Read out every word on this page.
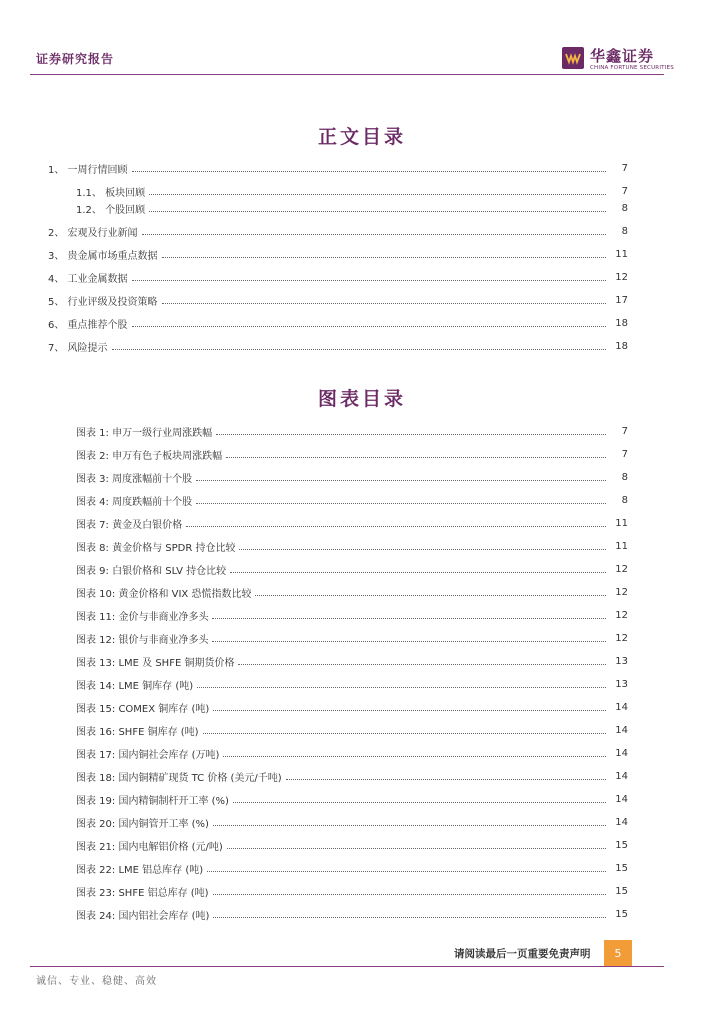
证券研究报告	华鑫证券
CHINA FORTUNE SECURITIES
正文目录
1、 一周行情回顾	7
1.1、 板块回顾	7
1.2、 个股回顾	8
2、 宏观及行业新闻	8
3、 贵金属市场重点数据	11
4、 工业金属数据	12
5、 行业评级及投资策略	17
6、 重点推荐个股	18
7、 风险提示	18
图表目录
图表 1: 申万一级行业周涨跌幅	7
图表 2: 申万有色子板块周涨跌幅	7
图表 3: 周度涨幅前十个股	8
图表 4: 周度跌幅前十个股	8
图表 7: 黄金及白银价格	11
图表 8: 黄金价格与 SPDR 持仓比较	11
图表 9: 白银价格和 SLV 持仓比较	12
图表 10: 黄金价格和 VIX 恐慌指数比较	12
图表 11: 金价与非商业净多头	12
图表 12: 银价与非商业净多头	12
图表 13: LME 及 SHFE 铜期货价格	13
图表 14: LME 铜库存 (吨)	13
图表 15: COMEX 铜库存 (吨)	14
图表 16: SHFE 铜库存 (吨)	14
图表 17: 国内铜社会库存 (万吨)	14
图表 18: 国内铜精矿现货 TC 价格 (美元/千吨)	14
图表 19: 国内精铜制杆开工率 (%)	14
图表 20: 国内铜管开工率 (%)	14
图表 21: 国内电解铝价格 (元/吨)	15
图表 22: LME 铝总库存 (吨)	15
图表 23: SHFE 铝总库存 (吨)	15
图表 24: 国内铝社会库存 (吨)	15
请阅读最后一页重要免责声明	5
诚信、专业、稳健、高效
